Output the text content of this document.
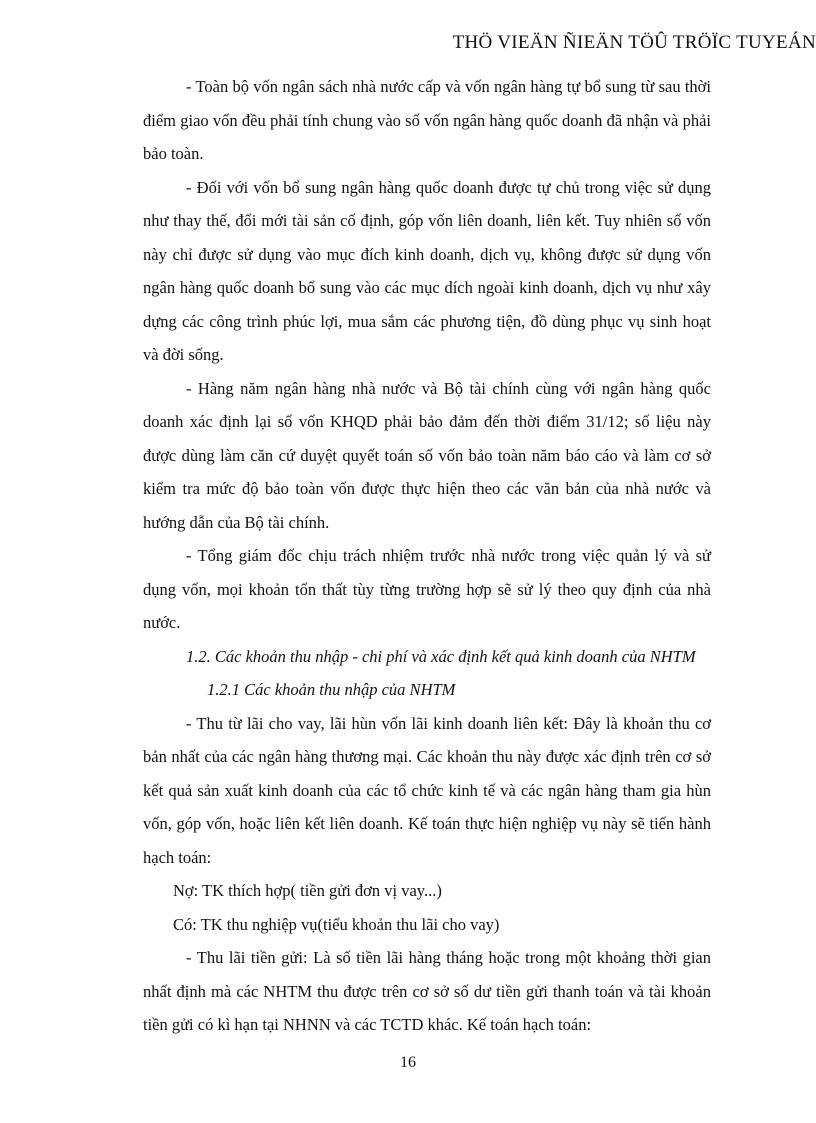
THÖ VIEÄN ÑIEÄN TÖÛ TRÖÏC TUYEÁN

- Toàn bộ vốn ngân sách nhà nước cấp và vốn ngân hàng tự bổ sung từ sau thời điểm giao vốn đều phải tính chung vào số vốn ngân hàng quốc doanh đã nhận và phải bảo toàn.

- Đối với vốn bổ sung ngân hàng quốc doanh được tự chủ trong việc sử dụng như thay thế, đổi mới tài sản cố định, góp vốn liên doanh, liên kết. Tuy nhiên số vốn này chỉ được sử dụng vào mục đích kinh doanh, dịch vụ, không được sử dụng vốn ngân hàng quốc doanh bổ sung vào các mục dích ngoài kinh doanh, dịch vụ như xây dựng các công trình phúc lợi, mua sắm các phương tiện, đồ dùng phục vụ sinh hoạt và đời sống.

- Hàng năm ngân hàng nhà nước và Bộ tài chính cùng với ngân hàng quốc doanh xác định lại số vốn KHQD phải bảo đảm đến thời điểm 31/12; số liệu này được dùng làm căn cứ duyệt quyết toán số vốn bảo toàn năm báo cáo và làm cơ sở kiểm tra mức độ bảo toàn vốn được thực hiện theo các văn bản của nhà nước và hướng dẫn của Bộ tài chính.

- Tổng giám đốc chịu trách nhiệm trước nhà nước trong việc quản lý và sử dụng vốn, mọi khoản tổn thất tùy từng trường hợp sẽ sử lý theo quy định của nhà nước.

1.2. Các khoản thu nhập - chi phí và xác định kết quả kinh doanh của NHTM

1.2.1 Các khoản thu nhập của NHTM

- Thu từ lãi cho vay, lãi hùn vốn lãi kinh doanh liên kết: Đây là khoản thu cơ bản nhất của các ngân hàng thương mại. Các khoản thu này được xác định trên cơ sở kết quả sản xuất kinh doanh của các tổ chức kinh tế và các ngân hàng tham gia hùn vốn, góp vốn, hoặc liên kết liên doanh. Kế toán thực hiện nghiệp vụ này sẽ tiến hành hạch toán:

Nợ: TK thích hợp( tiền gửi đơn vị vay...)

Có: TK thu nghiệp vụ(tiểu khoản thu lãi cho vay)

- Thu lãi tiền gửi: Là số tiền lãi hàng tháng hoặc trong một khoảng thời gian nhất định mà các NHTM thu được trên cơ sở số dư tiền gửi thanh toán và tài khoản tiền gửi có kì hạn tại NHNN và các TCTD khác. Kế toán hạch toán:

16
